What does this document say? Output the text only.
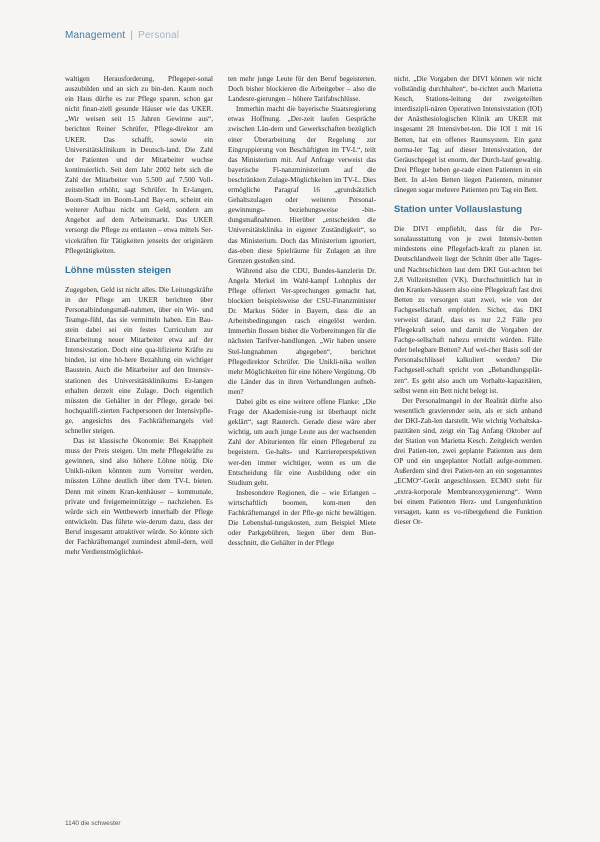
Management | Personal

waltigen Herausforderung, Pflegeper-sonal auszubilden und an sich zu bin-den. Kaum noch ein Haus dürfte es zur Pflege sparen, schon gar nicht finan-ziell gesunde Häuser wie das UKER. „Wir weisen seit 15 Jahren Gewinne aus“, berichtet Reiner Schrüfer, Pflege-direktor am UKER. Das schafft, sowie ein Universitätsklinikum in Deutsch-land. Die Zahl der Patienten und der Mitarbeiter wuchse kontinuierlich. Seit dem Jahr 2002 hebt sich die Zahl der Mitarbeiter von 5.500 auf 7.500 Voll-zeitstellen erhöht, sagt Schrüfer. In Er-langen, Boom-Stadt im Boom-Land Bay-ern, scheint ein weiterer Aufbau nicht um Geld, sondern am Angebot auf dem Arbeitsmarkt. Das UKER versorgt die Pflege zu entlasten – etwa mittels Ser-vicekräften für Tätigkeiten jenseits der originären Pflegetätigkeiten.

Löhne müssten steigen

Zugegeben, Geld ist nicht alles. Die Leitungskräfte in der Pflege am UKER berichten über Personalbindungsmaß-nahmen, über ein Wir- und Teamge-fühl, das sie vermitteln haben. Ein Bau-stein dabei sei ein festes Curriculum zur Einarbeitung neuer Mitarbeiter etwa auf der Intensivstation. Doch eine qua-lifizierte Kräfte zu binden, ist eine hö-here Bezahlung ein wichtiger Baustein. Auch die Mitarbeiter auf den Intensiv-stationen des Universitätsklinikums Er-langen erhalten derzeit eine Zulage. Doch eigentlich müssten die Gehälter in der Pflege, gerade bei hochqualifi-zierten Fachpersonen der Intensivpfle-ge, angesichts des Fachkräftemangels viel schneller steigen.

Das ist klassische Ökonomie: Bei Knappheit muss der Preis steigen. Um mehr Pflegekräfte zu gewinnen, sind also höhere Löhne nötig. Die Unikli-niken könnten zum Vorreiter werden, müssten Löhne deutlich über dem TV-L bieten. Denn mit einem Kran-kenhäuser – kommunale, private und freigemeinnützige – nachziehen. Es würde sich ein Wettbewerb innerhalb der Pflege entwickeln. Das führte wie-derum dazu, dass der Beruf insgesamt attraktiver würde. So könnte sich der Fachkräftemangel zumindest abmil-dern, weil mehr Verdienstmöglichkei-

ten mehr junge Leute für den Beruf begeisterten. Doch bisher blockieren die Arbeitgeber – also die Landesre-gierungen – höhere Tarifabschlüsse.

Immerhin macht die bayerische Staatsregierung etwas Hoffnung. „Der-zeit laufen Gespräche zwischen Län-dern und Gewerkschaften bezüglich einer Überarbeitung der Regelung zur Eingruppierung von Beschäftigten im TV-L“, teilt das Ministerium mit. Auf Anfrage verweist das bayerische Fi-nanzministerium auf die beschränkten Zulage-Möglichkeiten im TV-L. Dies ermögliche Paragraf 16 „grundsätzlich Gehaltszulagen oder weiteren Personal-gewinnungs- beziehungsweise -bin-dungsmaßnahmen. Hierüber „entscheiden die Universitätsklinika in eigener Zuständigkeit“, so das Ministerium. Doch das Ministerium ignoriert, das-eben diese Spielräume für Zulagen an ihre Grenzen gestoßen sind.

Während also die CDU, Bundes-kanzlerin Dr. Angela Merkel im Wahl-kampf Lohnplus der Pflege offeriert Ver-sprechungen gemacht hat, blockiert beispielsweise der CSU-Finanzminister Dr. Markus Söder in Bayern, dass die an Arbeitsbedingungen rasch eingelöst werden. Immerhin flossen bisher die Vorbereitungen für die nächsten Tarifver-handlungen. „Wir haben unsere Stel-lungnahmen abgegeben“, berichtet Pflegedirektor Schrüfer. Die Unikli-nika wollen mehr Möglichkeiten für eine höhere Vergütung. Ob die Länder das in ihren Verhandlungen aufneh-men?

Dabei gibt es eine weitere offene Flanke: „Die Frage der Akademisie-rung ist überhaupt nicht geklärt“, sagt Rauterch. Gerade diese wäre aber wichtig, um auch junge Leute aus der wachsenden Zahl der Abiturienten für einen Pflegeberuf zu begeistern. Ge-halts- und Karriereperspektiven wer-den immer wichtiger, wenn es um die Entscheidung für eine Ausbildung oder ein Studium geht.

Insbesondere Regionen, die – wie Erlangen – wirtschaftlich boomen, kom-men den Fachkräftemangel in der Pfle-ge nicht bewältigen. Die Lebenshal-tungskosten, zum Beispiel Miete oder Parkgebühren, liegen über dem Bun-desschnitt, die Gehälter in der Pflege

nicht. „Die Vorgaben der DIVI können wir nicht vollständig durchhalten“, be-richtet auch Marietta Kesch, Stations-leitung der zweigeteilten interdiszipli-nären Operativen Intensivstation (IOI) der Anästhesiologischen Klinik am UKER mit insgesamt 28 Intensivbet-ten. Die IOI 1 mit 16 Betten, hat ein offenes Raumsystem. Ein ganz norma-ler Tag auf dieser Intensivstation, der Geräuschpegel ist enorm, der Durch-lauf gewaltig. Drei Pfleger heben ge-rade einen Patienten in ein Bett. In al-len Betten liegen Patienten, mitunter ränegen sogar mehrere Patienten pro Tag ein Bett.

Station unter Vollauslastung

Die DIVI empfiehlt, dass für die Per-sonalausstattung von je zwei Intensiv-betten mindestens eine Pflegefach-kraft zu planen ist. Deutschlandweit liegt der Schnitt über alle Tages- und Nachtschichten laut dem DKI Gut-achten bei 2,8 Vollzeitstellen (VK). Durchschnittlich hat in den Kranken-häusern also eine Pflegekraft fast drei Betten zu versorgen statt zwei, wie von der Fachgesellschaft empfohlen. Sicher, das DKI verweist darauf, dass es nur 2,2 Fälle pro Pflegekraft seien und damit die Vorgaben der Fachge-sellschaft nahezu erreicht würden. Fälle oder belegbare Betten? Auf wel-cher Basis soll der Personalschlüssel kalkuliert werden? Die Fachgesell-schaft spricht von „Behandlungsplät-zen“. Es geht also auch um Vorhalte-kapazitäten, selbst wenn ein Bett nicht belegt ist.

Der Personalmangel in der Realität dürfte also wesentlich gravierender sein, als er sich anhand der DKI-Zah-len darstellt. Wie wichtig Vorhaltska-pazitäten sind, zeigt ein Tag Anfang Oktober auf der Station von Marietta Kesch. Zeitgleich werden drei Patien-ten, zwei geplante Patienten aus dem OP und ein ungeplanter Notfall aufge-nommen. Außerdem sind drei Patien-ten an ein sogenanntes „ECMO“-Gerät angeschlossen. ECMO steht für „extra-korporale Membranoxygenierung“. Wenn bei einem Patienten Herz- und Lungenfunktion versagen, kann es vo-rübergehend die Funktion dieser Or-

1140 die schwester
